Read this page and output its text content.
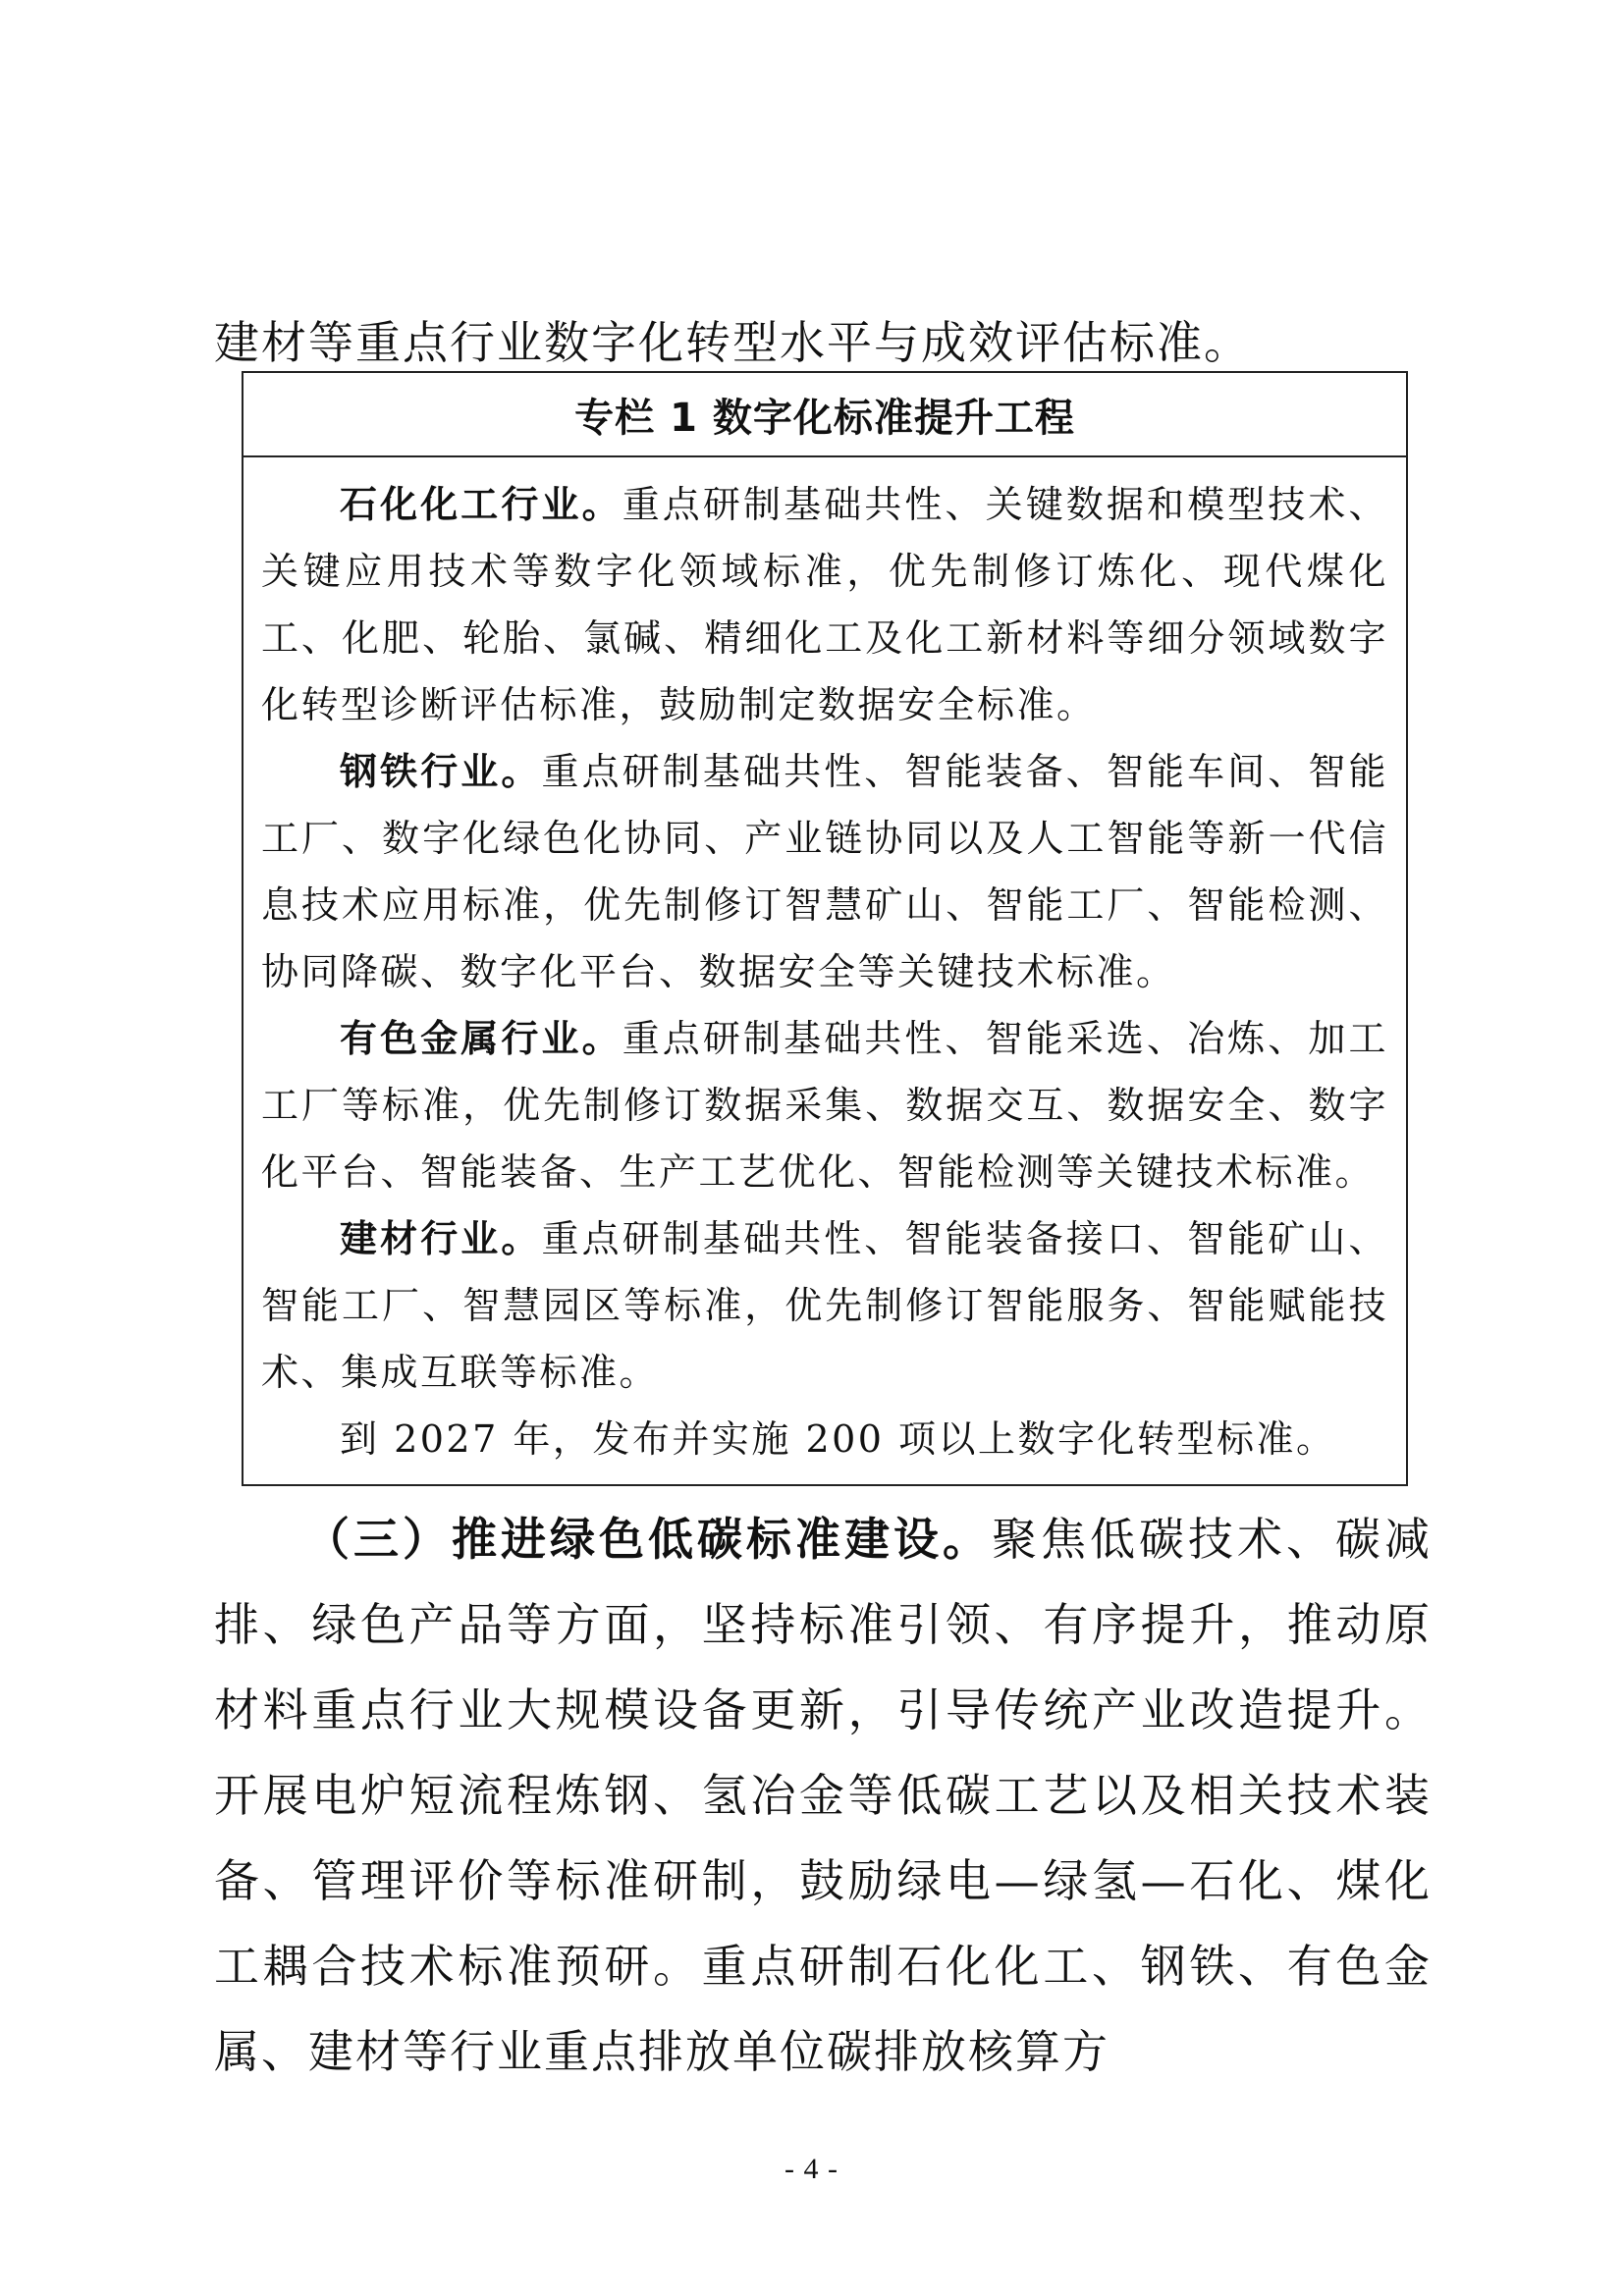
建材等重点行业数字化转型水平与成效评估标准。

专栏 1 数字化标准提升工程

石化化工行业。重点研制基础共性、关键数据和模型技术、关键应用技术等数字化领域标准，优先制修订炼化、现代煤化工、化肥、轮胎、氯碱、精细化工及化工新材料等细分领域数字化转型诊断评估标准，鼓励制定数据安全标准。

钢铁行业。重点研制基础共性、智能装备、智能车间、智能工厂、数字化绿色化协同、产业链协同以及人工智能等新一代信息技术应用标准，优先制修订智慧矿山、智能工厂、智能检测、协同降碳、数字化平台、数据安全等关键技术标准。

有色金属行业。重点研制基础共性、智能采选、冶炼、加工工厂等标准，优先制修订数据采集、数据交互、数据安全、数字化平台、智能装备、生产工艺优化、智能检测等关键技术标准。

建材行业。重点研制基础共性、智能装备接口、智能矿山、智能工厂、智慧园区等标准，优先制修订智能服务、智能赋能技术、集成互联等标准。

到 2027 年，发布并实施 200 项以上数字化转型标准。

（三）推进绿色低碳标准建设。聚焦低碳技术、碳减排、绿色产品等方面，坚持标准引领、有序提升，推动原材料重点行业大规模设备更新，引导传统产业改造提升。开展电炉短流程炼钢、氢冶金等低碳工艺以及相关技术装备、管理评价等标准研制，鼓励绿电—绿氢—石化、煤化工耦合技术标准预研。重点研制石化化工、钢铁、有色金属、建材等行业重点排放单位碳排放核算方

- 4 -
